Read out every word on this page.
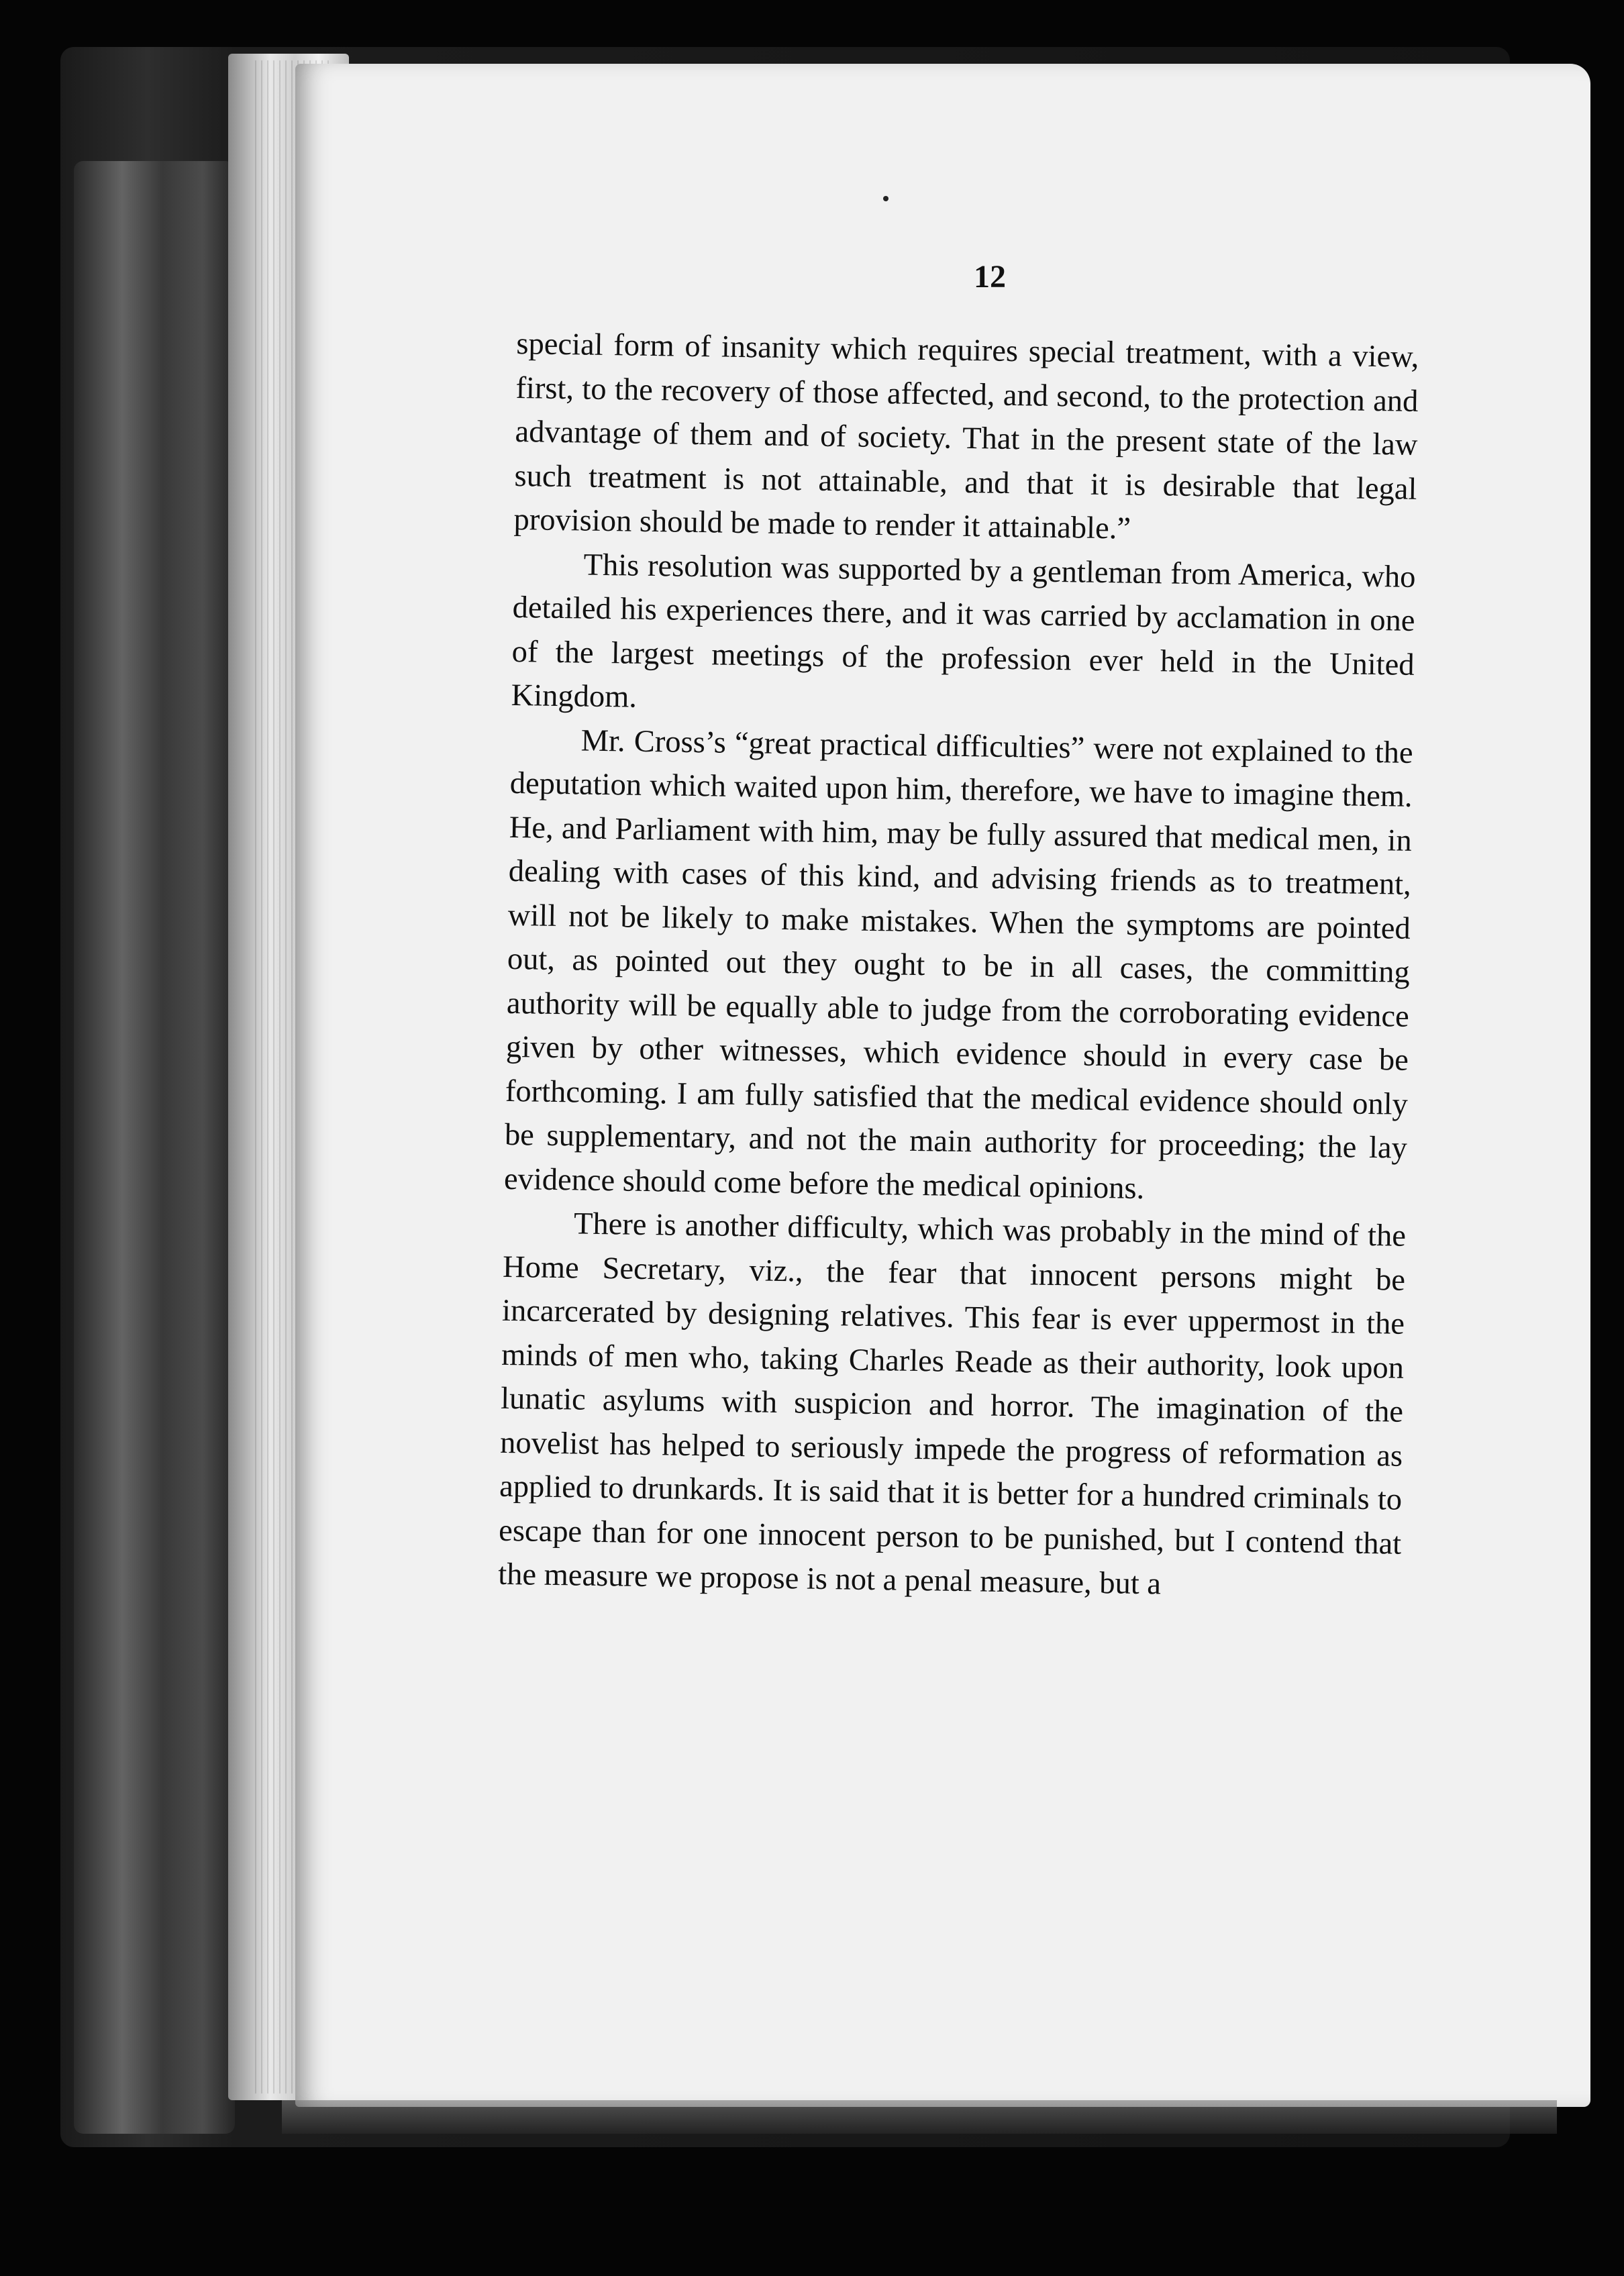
12

special form of insanity which requires special treatment, with a view, first, to the recovery of those affected, and second, to the protection and advantage of them and of society. That in the present state of the law such treatment is not attainable, and that it is desirable that legal provision should be made to render it attainable.”

This resolution was supported by a gentleman from America, who detailed his experiences there, and it was carried by acclamation in one of the largest meetings of the profession ever held in the United Kingdom.

Mr. Cross’s “great practical difficulties” were not explained to the deputation which waited upon him, therefore, we have to imagine them. He, and Parliament with him, may be fully assured that medical men, in dealing with cases of this kind, and advising friends as to treatment, will not be likely to make mistakes. When the symptoms are pointed out, as pointed out they ought to be in all cases, the committing authority will be equally able to judge from the corroborating evidence given by other witnesses, which evidence should in every case be forthcoming. I am fully satisfied that the medical evidence should only be supplementary, and not the main authority for proceeding; the lay evidence should come before the medical opinions.

There is another difficulty, which was probably in the mind of the Home Secretary, viz., the fear that innocent persons might be incarcerated by designing relatives. This fear is ever uppermost in the minds of men who, taking Charles Reade as their authority, look upon lunatic asylums with suspicion and horror. The imagination of the novelist has helped to seriously impede the progress of reformation as applied to drunkards. It is said that it is better for a hundred criminals to escape than for one innocent person to be punished, but I contend that the measure we propose is not a penal measure, but a
